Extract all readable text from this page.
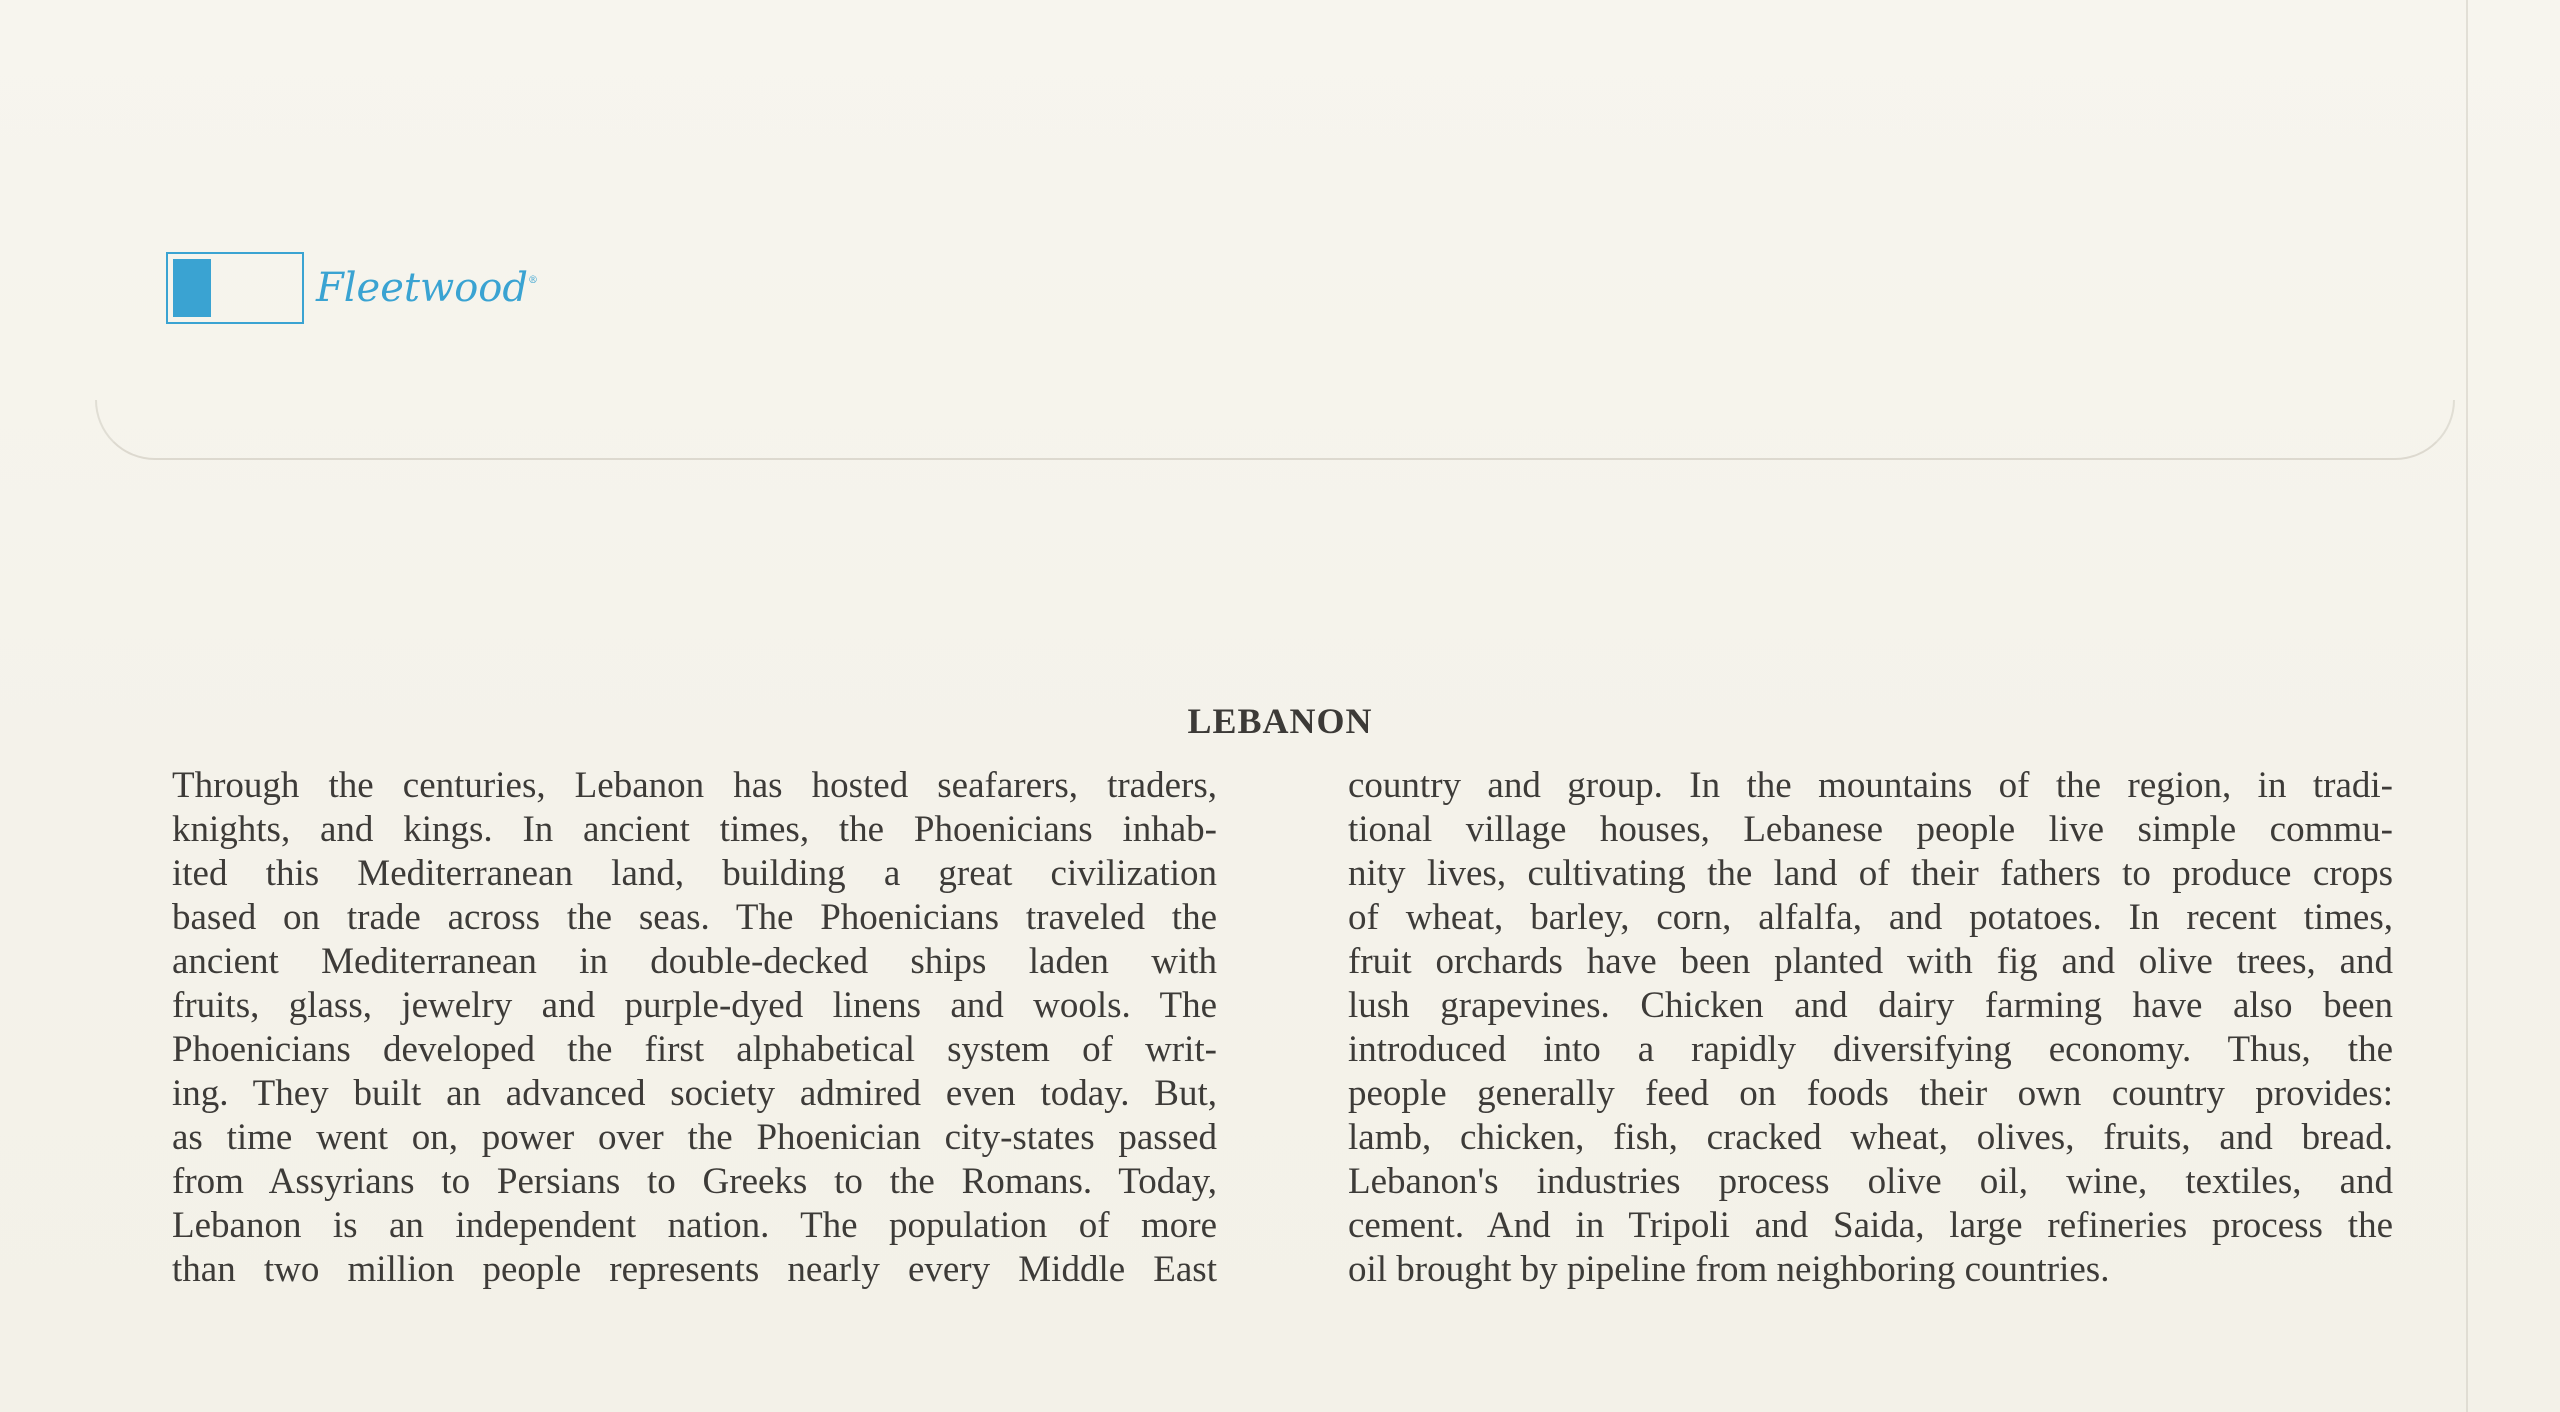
Fleetwood®
LEBANON
Through the centuries, Lebanon has hosted seafarers, traders,
knights, and kings. In ancient times, the Phoenicians inhab-
ited this Mediterranean land, building a great civilization
based on trade across the seas. The Phoenicians traveled the
ancient Mediterranean in double-decked ships laden with
fruits, glass, jewelry and purple-dyed linens and wools. The
Phoenicians developed the first alphabetical system of writ-
ing. They built an advanced society admired even today. But,
as time went on, power over the Phoenician city-states passed
from Assyrians to Persians to Greeks to the Romans. Today,
Lebanon is an independent nation. The population of more
than two million people represents nearly every Middle East
country and group. In the mountains of the region, in tradi-
tional village houses, Lebanese people live simple commu-
nity lives, cultivating the land of their fathers to produce crops
of wheat, barley, corn, alfalfa, and potatoes. In recent times,
fruit orchards have been planted with fig and olive trees, and
lush grapevines. Chicken and dairy farming have also been
introduced into a rapidly diversifying economy. Thus, the
people generally feed on foods their own country provides:
lamb, chicken, fish, cracked wheat, olives, fruits, and bread.
Lebanon's industries process olive oil, wine, textiles, and
cement. And in Tripoli and Saida, large refineries process the
oil brought by pipeline from neighboring countries.
